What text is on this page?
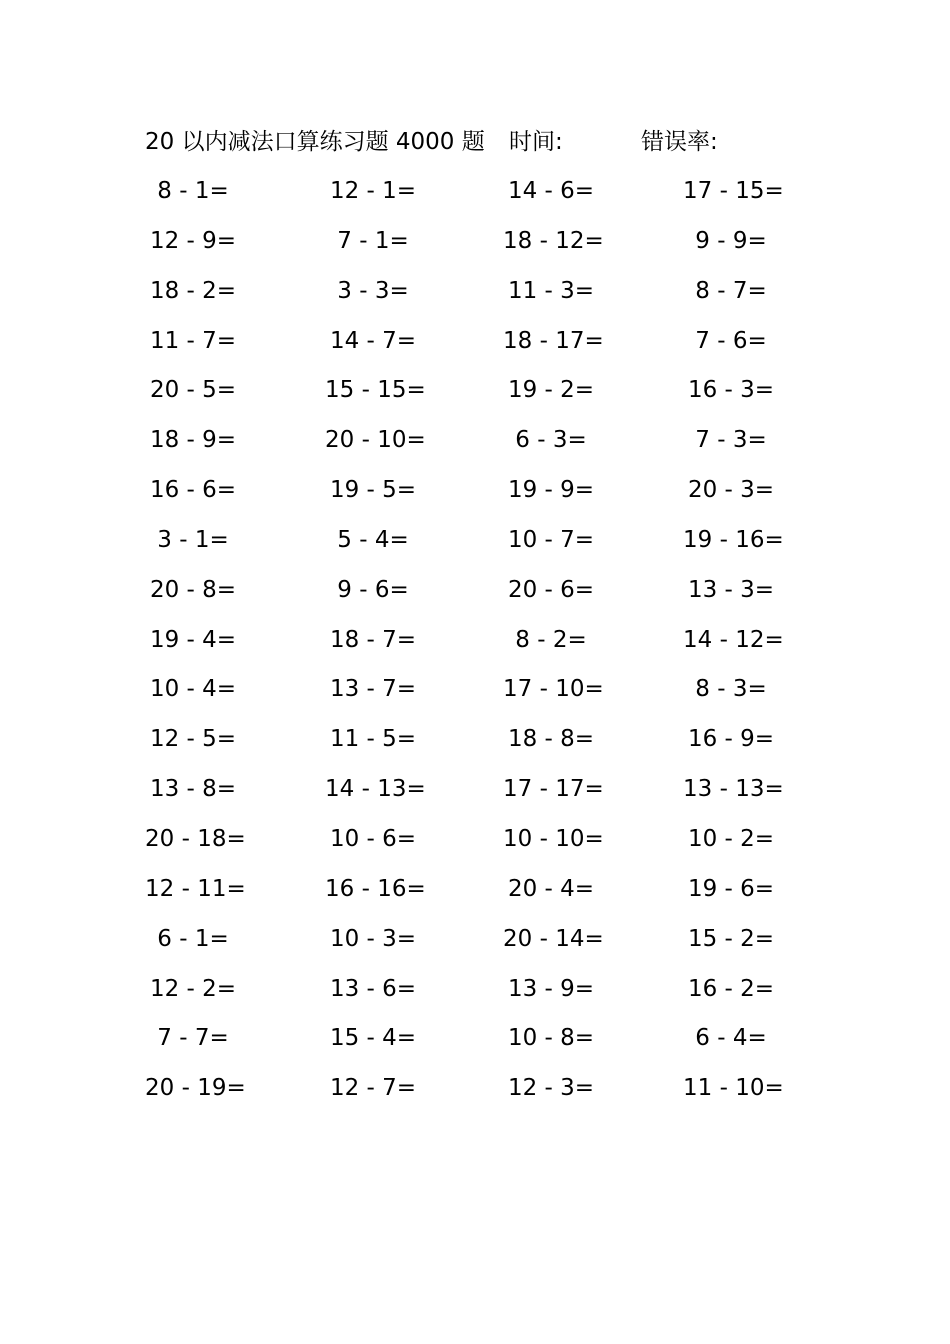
20 以内减法口算练习题 4000 题 时间:	错误率:
8 - 1=	12 - 1=	14 - 6=	17 - 15=
12 - 9=	7 - 1=	18 - 12=	9 - 9=
18 - 2=	3 - 3=	11 - 3=	8 - 7=
11 - 7=	14 - 7=	18 - 17=	7 - 6=
20 - 5=	15 - 15=	19 - 2=	16 - 3=
18 - 9=	20 - 10=	6 - 3=	7 - 3=
16 - 6=	19 - 5=	19 - 9=	20 - 3=
3 - 1=	5 - 4=	10 - 7=	19 - 16=
20 - 8=	9 - 6=	20 - 6=	13 - 3=
19 - 4=	18 - 7=	8 - 2=	14 - 12=
10 - 4=	13 - 7=	17 - 10=	8 - 3=
12 - 5=	11 - 5=	18 - 8=	16 - 9=
13 - 8=	14 - 13=	17 - 17=	13 - 13=
20 - 18=	10 - 6=	10 - 10=	10 - 2=
12 - 11=	16 - 16=	20 - 4=	19 - 6=
6 - 1=	10 - 3=	20 - 14=	15 - 2=
12 - 2=	13 - 6=	13 - 9=	16 - 2=
7 - 7=	15 - 4=	10 - 8=	6 - 4=
20 - 19=	12 - 7=	12 - 3=	11 - 10=
